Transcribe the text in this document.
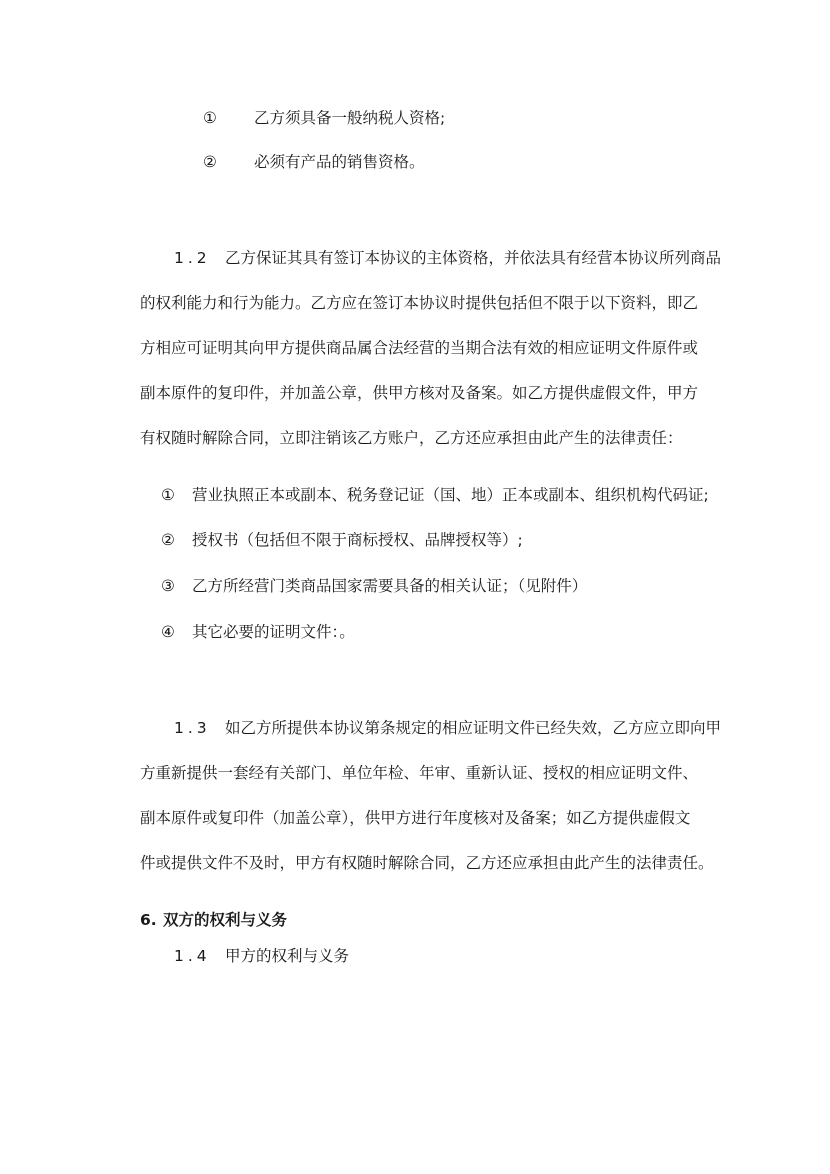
​
① 乙方须具备一般纳税人资格;
② 必须有产品的销售资格。
1.2 乙方保证其具有签订本协议的主体资格，并依法具有经营本协议所列商品
的权利能力和行为能力。乙方应在签订本协议时提供包括但不限于以下资料，即乙
方相应可证明其向甲方提供商品属合法经营的当期合法有效的相应证明文件原件或
副本原件的复印件，并加盖公章，供甲方核对及备案。如乙方提供虚假文件，甲方
有权随时解除合同，立即注销该乙方账户，乙方还应承担由此产生的法律责任：
① 营业执照正本或副本、税务登记证（国、地）正本或副本、组织机构代码证;
② 授权书（包括但不限于商标授权、品牌授权等）;
③ 乙方所经营门类商品国家需要具备的相关认证；（见附件）
④ 其它必要的证明文件：。
1.3 如乙方所提供本协议第条规定的相应证明文件已经失效，乙方应立即向甲
方重新提供一套经有关部门、单位年检、年审、重新认证、授权的相应证明文件、
副本原件或复印件（加盖公章），供甲方进行年度核对及备案；如乙方提供虚假文
件或提供文件不及时，甲方有权随时解除合同，乙方还应承担由此产生的法律责任。
6. 双方的权利与义务
1.4 甲方的权利与义务
